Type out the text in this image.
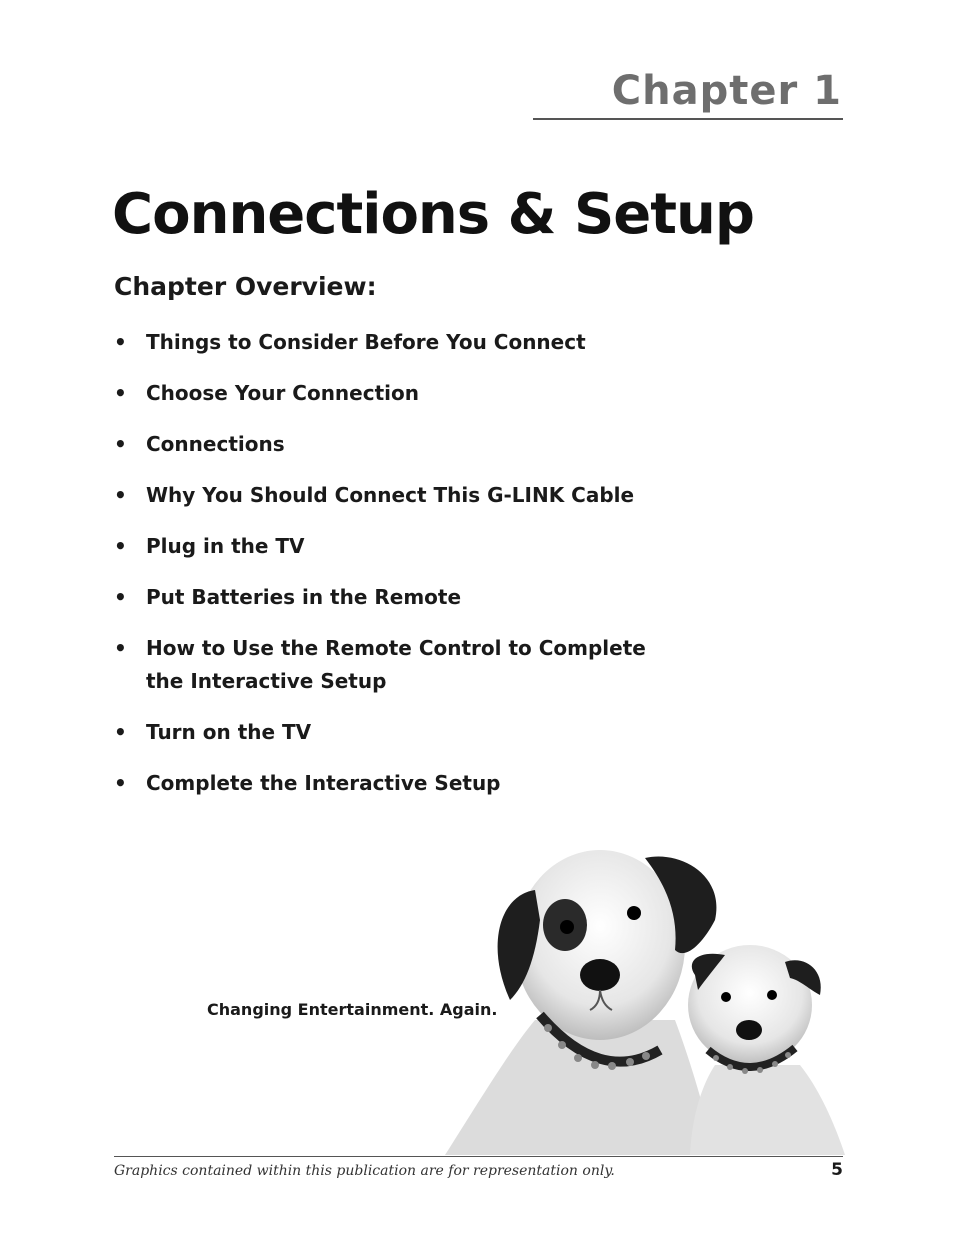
Chapter 1
Connections & Setup
Chapter Overview:
• Things to Consider Before You Connect
• Choose Your Connection
• Connections
• Why You Should Connect This G-LINK Cable
• Plug in the TV
• Put Batteries in the Remote
• How to Use the Remote Control to Complete the Interactive Setup
• Turn on the TV
• Complete the Interactive Setup
Changing Entertainment. Again.
Graphics contained within this publication are for representation only.	5
